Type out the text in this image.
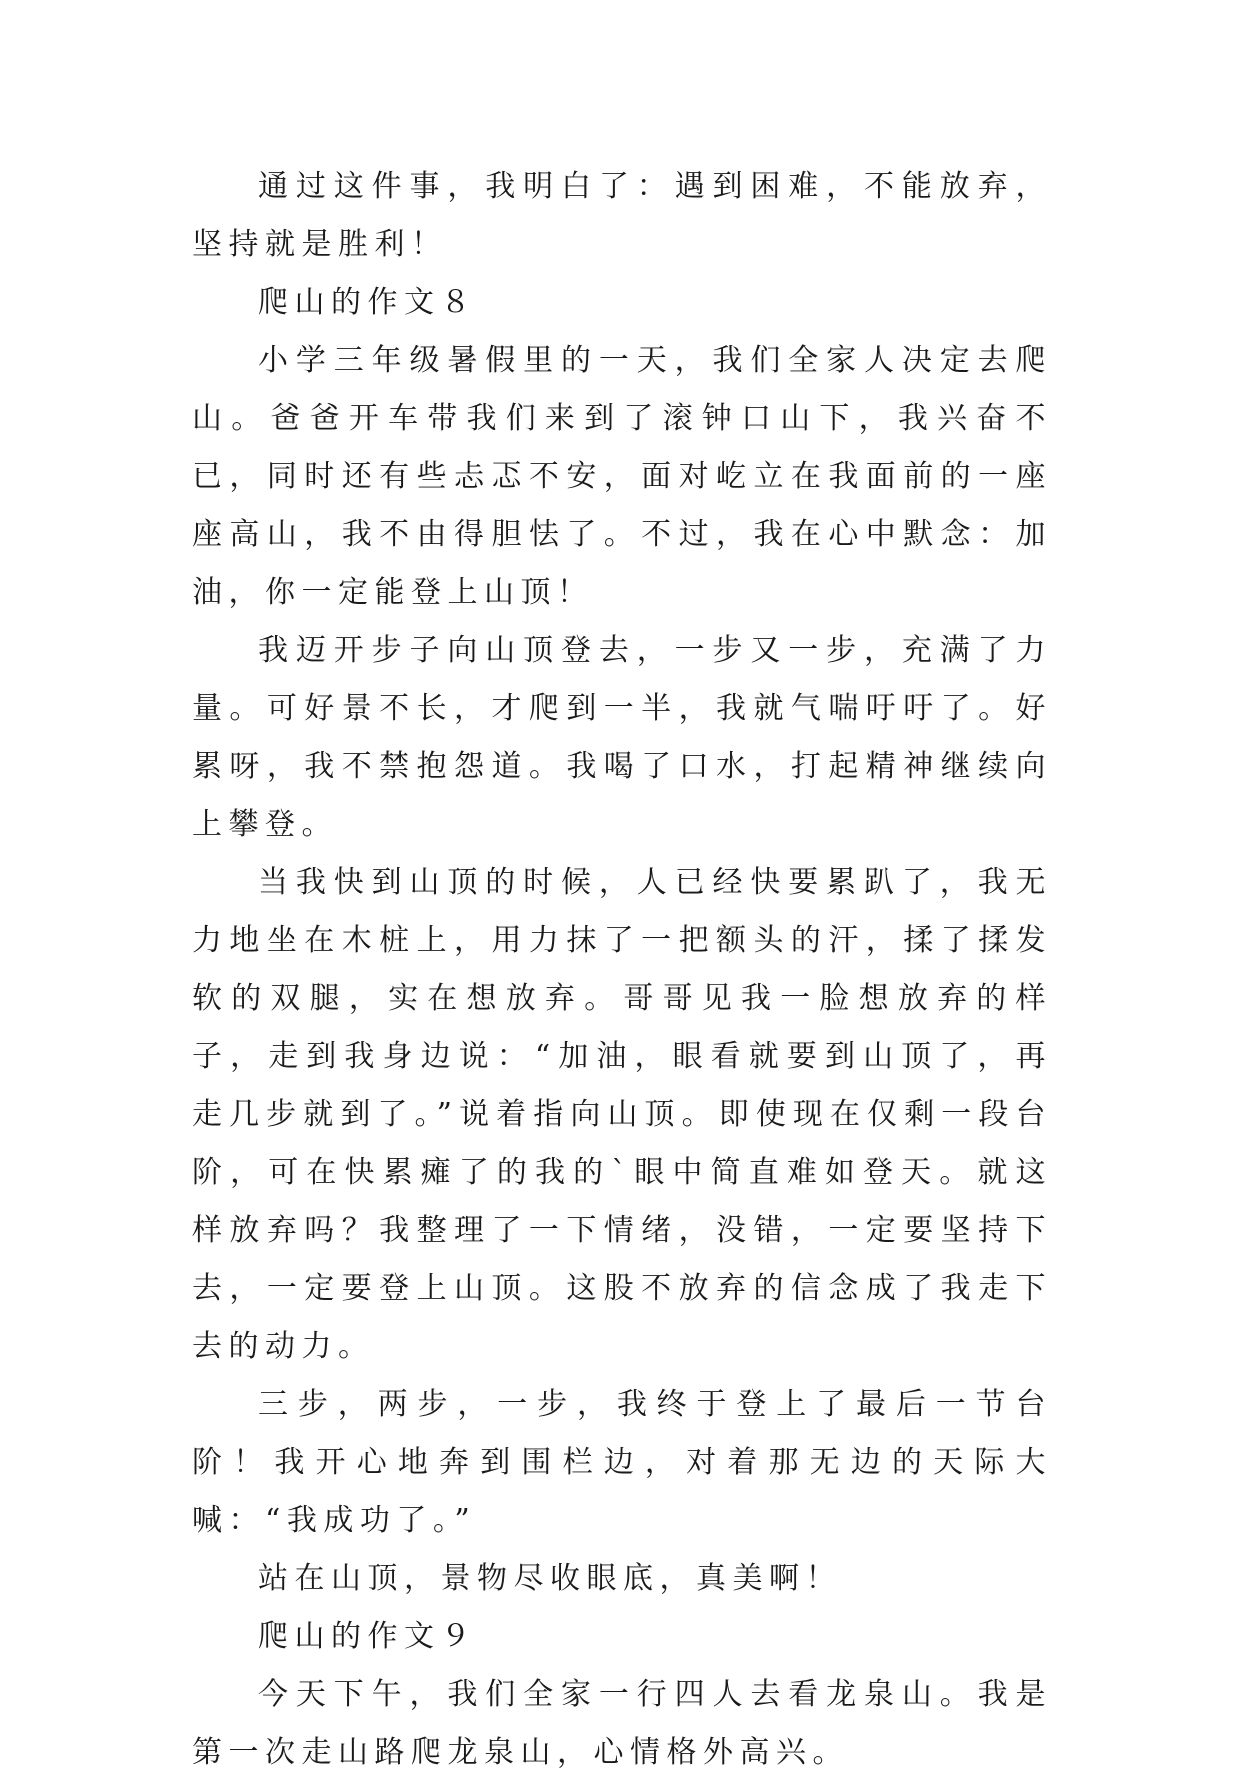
通过这件事，我明白了：遇到困难，不能放弃，坚持就是胜利！

爬山的作文８

小学三年级暑假里的一天，我们全家人决定去爬山。爸爸开车带我们来到了滚钟口山下，我兴奋不已，同时还有些忐忑不安，面对屹立在我面前的一座座高山，我不由得胆怯了。不过，我在心中默念：加油，你一定能登上山顶！

我迈开步子向山顶登去，一步又一步，充满了力量。可好景不长，才爬到一半，我就气喘吁吁了。好累呀，我不禁抱怨道。我喝了口水，打起精神继续向上攀登。

当我快到山顶的时候，人已经快要累趴了，我无力地坐在木桩上，用力抹了一把额头的汗，揉了揉发软的双腿，实在想放弃。哥哥见我一脸想放弃的样子，走到我身边说：“加油，眼看就要到山顶了，再走几步就到了。”说着指向山顶。即使现在仅剩一段台阶，可在快累瘫了的我的`眼中简直难如登天。就这样放弃吗？我整理了一下情绪，没错，一定要坚持下去，一定要登上山顶。这股不放弃的信念成了我走下去的动力。

三步，两步，一步，我终于登上了最后一节台阶！我开心地奔到围栏边，对着那无边的天际大喊：“我成功了。”

站在山顶，景物尽收眼底，真美啊！

爬山的作文９

今天下午，我们全家一行四人去看龙泉山。我是第一次走山路爬龙泉山，心情格外高兴。
